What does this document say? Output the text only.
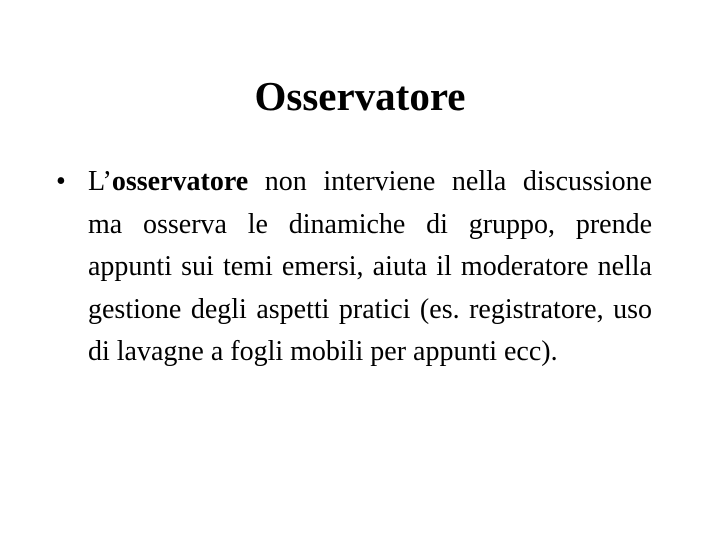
Osservatore
• L’osservatore non interviene nella discussione ma osserva le dinamiche di gruppo, prende appunti sui temi emersi, aiuta il moderatore nella gestione degli aspetti pratici (es. registratore, uso di lavagne a fogli mobili per appunti ecc).
